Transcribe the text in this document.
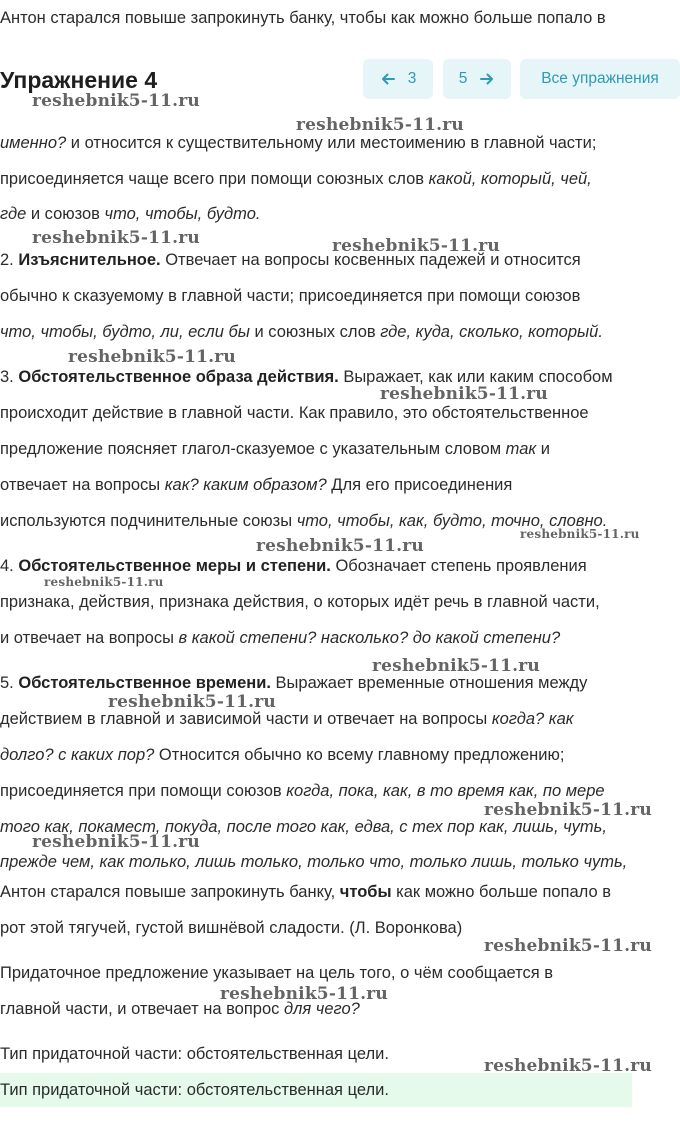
Антон старался повыше запрокинуть банку, чтобы как можно больше попало в
Упражнение 4	3	5	Все упражнения
именно? и относится к существительному или местоимению в главной части;
присоединяется чаще всего при помощи союзных слов какой, который, чей,
где и союзов что, чтобы, будто.
2. Изъяснительное. Отвечает на вопросы косвенных падежей и относится
обычно к сказуемому в главной части; присоединяется при помощи союзов
что, чтобы, будто, ли, если бы и союзных слов где, куда, сколько, который.
3. Обстоятельственное образа действия. Выражает, как или каким способом
происходит действие в главной части. Как правило, это обстоятельственное
предложение поясняет глагол-сказуемое с указательным словом так и
отвечает на вопросы как? каким образом? Для его присоединения
используются подчинительные союзы что, чтобы, как, будто, точно, словно.
4. Обстоятельственное меры и степени. Обозначает степень проявления
признака, действия, признака действия, о которых идёт речь в главной части,
и отвечает на вопросы в какой степени? насколько? до какой степени?
5. Обстоятельственное времени. Выражает временные отношения между
действием в главной и зависимой части и отвечает на вопросы когда? как
долго? с каких пор? Относится обычно ко всему главному предложению;
присоединяется при помощи союзов когда, пока, как, в то время как, по мере
того как, покамест, покуда, после того как, едва, с тех пор как, лишь, чуть,
прежде чем, как только, лишь только, только что, только лишь, только чуть,
Антон старался повыше запрокинуть банку, чтобы как можно больше попало в
рот этой тягучей, густой вишнёвой сладости. (Л. Воронкова)
Придаточное предложение указывает на цель того, о чём сообщается в
главной части, и отвечает на вопрос для чего?
Тип придаточной части: обстоятельственная цели.
Тип придаточной части: обстоятельственная цели.
reshebnik5-11.ru
reshebnik5-11.ru
reshebnik5-11.ru	reshebnik5-11.ru
reshebnik5-11.ru
reshebnik5-11.ru
reshebnik5-11.ru
reshebnik5-11.ru
reshebnik5-11.ru
reshebnik5-11.ru
reshebnik5-11.ru
reshebnik5-11.ru
reshebnik5-11.ru
reshebnik5-11.ru
reshebnik5-11.ru
reshebnik5-11.ru
